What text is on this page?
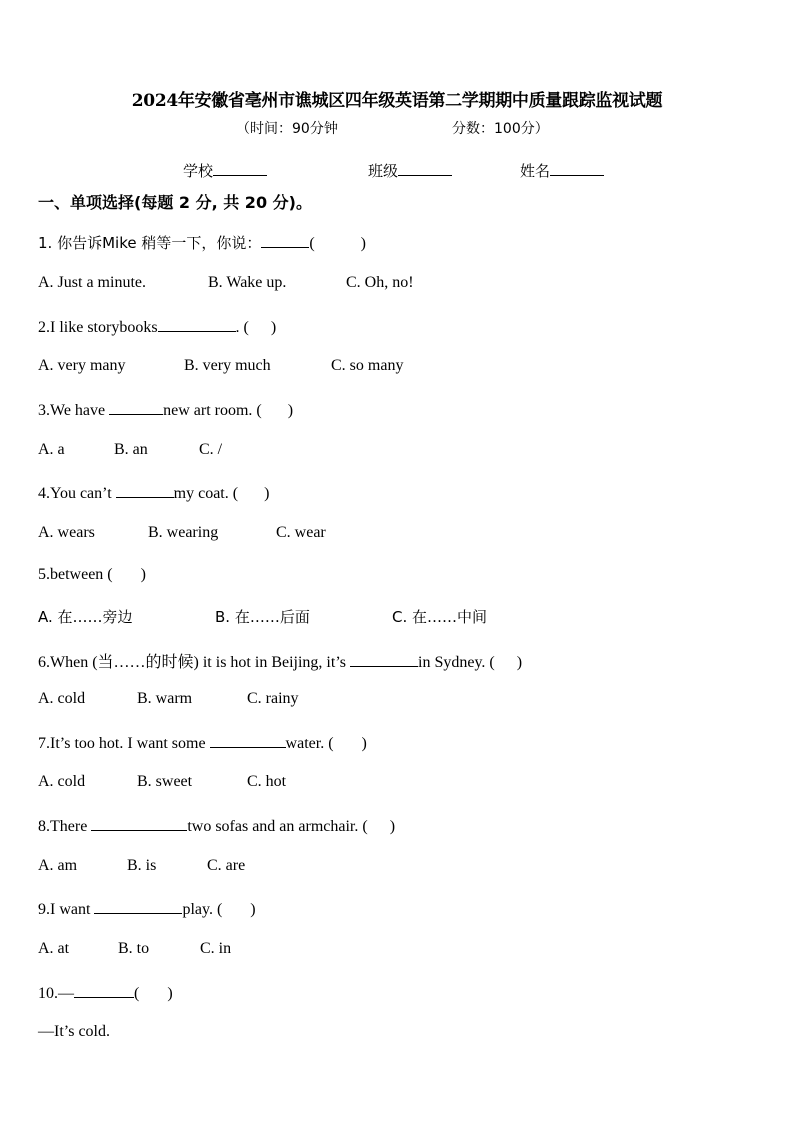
2024年安徽省亳州市谯城区四年级英语第二学期期中质量跟踪监视试题
（时间：90分钟	分数：100分）
学校	班级	姓名
一、单项选择(每题 2 分, 共 20 分)。
1. 你告诉Mike 稍等一下，你说：	(	)
A. Just a minute.	B. Wake up.	C. Oh, no!
2.I like storybooks	. ( )
A. very many	B. very much	C. so many
3.We have	new art room. ( )
A. a	B. an	C. /
4.You can’t	my coat. ( )
A. wears	B. wearing	C. wear
5.between ( )
A. 在……旁边	B. 在……后面	C. 在……中间
6.When (当……的时候) it is hot in Beijing, it’s	in Sydney. ( )
A. cold	B. warm	C. rainy
7.It’s too hot. I want some	water. ( )
A. cold	B. sweet	C. hot
8.There	two sofas and an armchair. ( )
A. am	B. is	C. are
9.I want	play. ( )
A. at	B. to	C. in
10.—	( )
—It’s cold.
